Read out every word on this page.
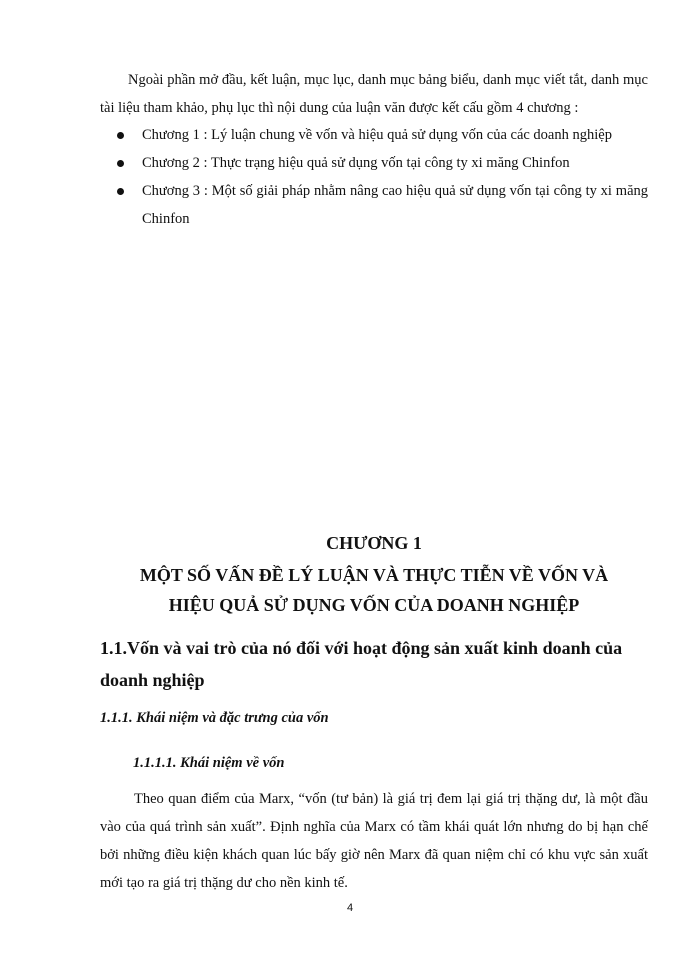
Ngoài phần mở đầu, kết luận, mục lục, danh mục bảng biểu, danh mục viết tắt, danh mục tài liệu tham khảo, phụ lục thì nội dung của luận văn được kết cấu gồm 4 chương :

Chương 1 : Lý luận chung về vốn và hiệu quả sử dụng vốn của các doanh nghiệp
Chương 2 : Thực trạng hiệu quả sử dụng vốn tại công ty xi măng Chinfon
Chương 3 : Một số giải pháp nhằm nâng cao hiệu quả sử dụng vốn tại công ty xi măng Chinfon
CHƯƠNG 1
MỘT SỐ VẤN ĐỀ LÝ LUẬN VÀ THỰC TIỄN VỀ VỐN VÀ
HIỆU QUẢ SỬ DỤNG VỐN CỦA DOANH NGHIỆP
1.1.Vốn và vai trò của nó đối với hoạt động sản xuất kinh doanh của doanh nghiệp
1.1.1. Khái niệm và đặc trưng của vốn
1.1.1.1. Khái niệm về vốn

Theo quan điểm của Marx, “vốn (tư bản) là giá trị đem lại giá trị thặng dư, là một đầu vào của quá trình sản xuất”. Định nghĩa của Marx có tầm khái quát lớn nhưng do bị hạn chế bởi những điều kiện khách quan lúc bấy giờ nên Marx đã quan niệm chỉ có khu vực sản xuất mới tạo ra giá trị thặng dư cho nền kinh tế.

4
